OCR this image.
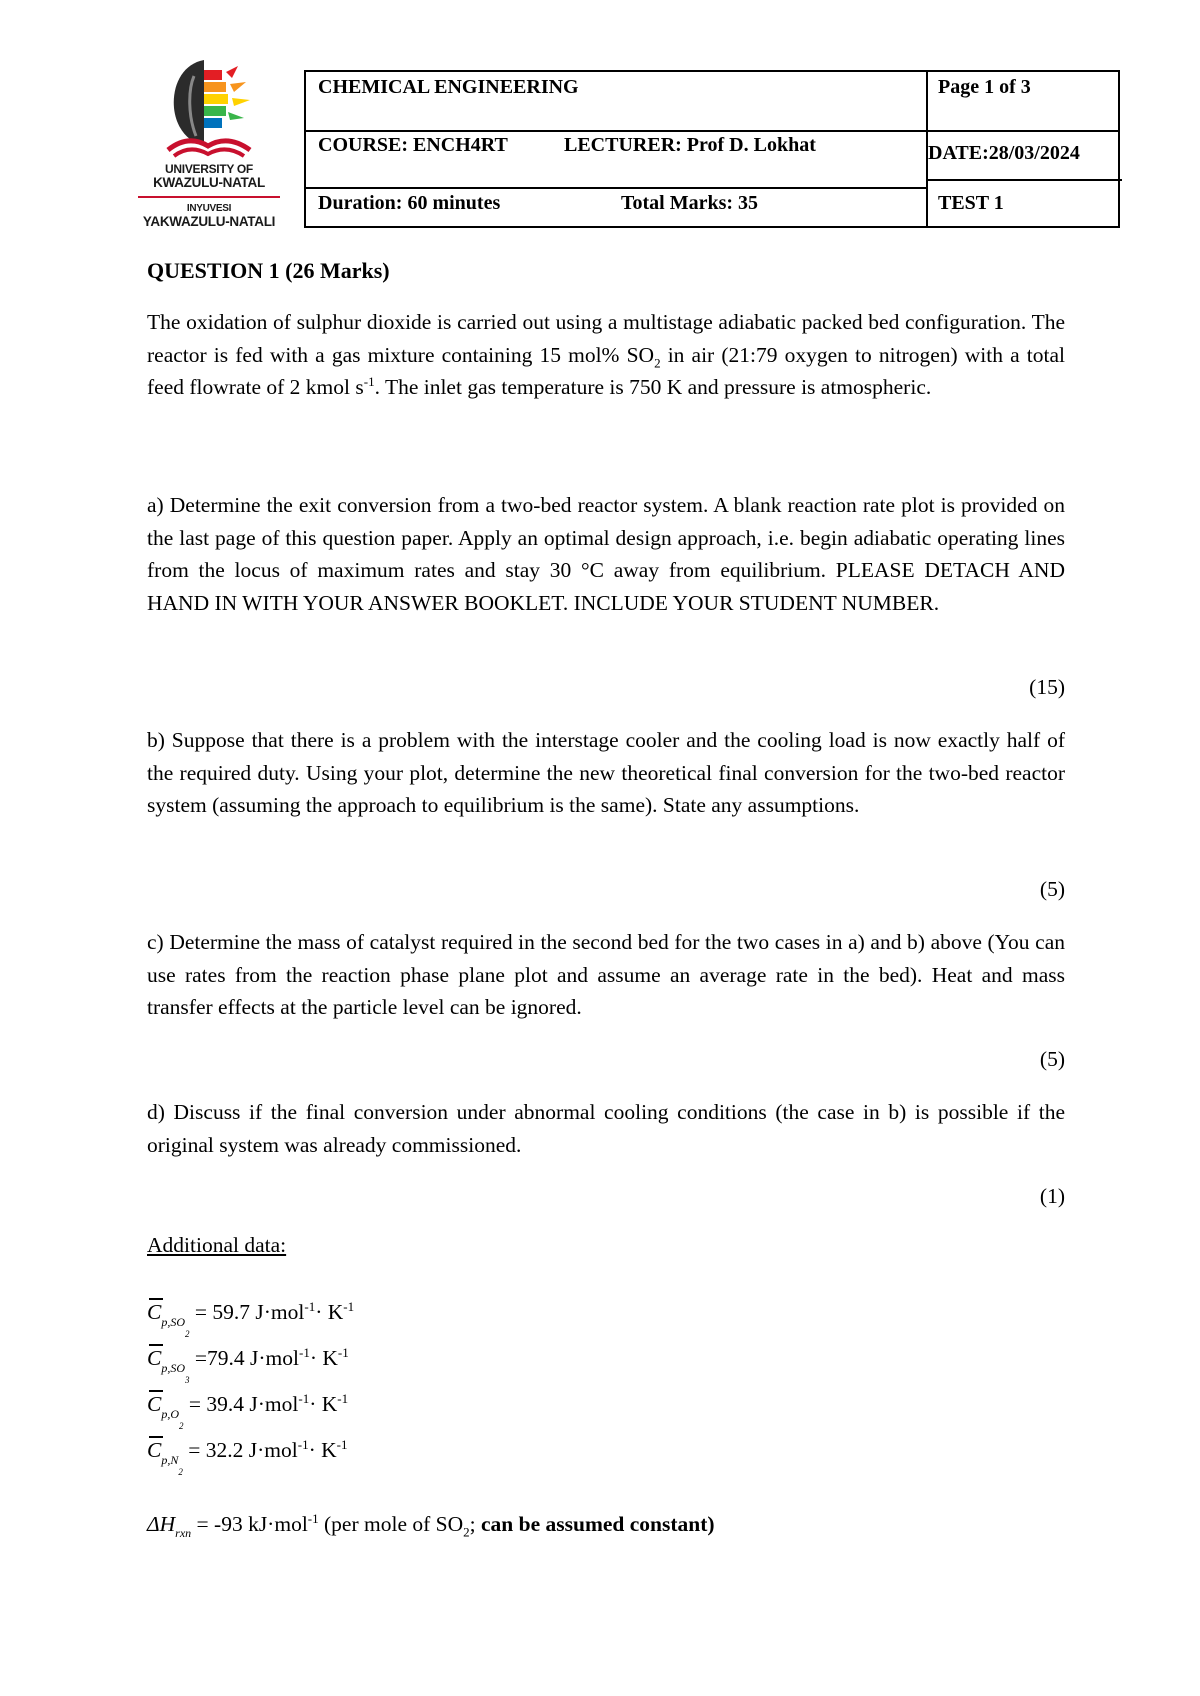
UNIVERSITY OF
KWAZULU-NATAL
INYUVESI
YAKWAZULU-NATALI
CHEMICAL ENGINEERING	Page 1 of 3
COURSE: ENCH4RT	LECTURER: Prof D. Lokhat	DATE:28/03/2024
Duration: 60 minutes	Total Marks: 35	TEST 1
QUESTION 1 (26 Marks)
The oxidation of sulphur dioxide is carried out using a multistage adiabatic packed bed configuration. The reactor is fed with a gas mixture containing 15 mol% $SO_2$ in air (21:79 oxygen to nitrogen) with a total feed flowrate of 2 kmol $s^{-1}$. The inlet gas temperature is 750 K and pressure is atmospheric.
a) Determine the exit conversion from a two-bed reactor system. A blank reaction rate plot is provided on the last page of this question paper. Apply an optimal design approach, i.e. begin adiabatic operating lines from the locus of maximum rates and stay 30 °C away from equilibrium. PLEASE DETACH AND HAND IN WITH YOUR ANSWER BOOKLET. INCLUDE YOUR STUDENT NUMBER.
(15)
b) Suppose that there is a problem with the interstage cooler and the cooling load is now exactly half of the required duty. Using your plot, determine the new theoretical final conversion for the two-bed reactor system (assuming the approach to equilibrium is the same). State any assumptions.
(5)
c) Determine the mass of catalyst required in the second bed for the two cases in a) and b) above (You can use rates from the reaction phase plane plot and assume an average rate in the bed). Heat and mass transfer effects at the particle level can be ignored.
(5)
d) Discuss if the final conversion under abnormal cooling conditions (the case in b) is possible if the original system was already commissioned.
(1)
Additional data:
$C_{p,SO_2} = 59.7$ $J\cdot mol^{-1}\cdot K^{-1}$
$C_{p,SO_3} =79.4$ $J\cdot mol^{-1}\cdot K^{-1}$
$C_{p,O_2} = 39.4$ $J\cdot mol^{-1}\cdot K^{-1}$
$C_{p,N_2} = 32.2$ $J\cdot mol^{-1}\cdot K^{-1}$
$\Delta H_{rxn} = -93$ kJ·mol$^{-1}$ (per mole of $SO_2$; can be assumed constant)
